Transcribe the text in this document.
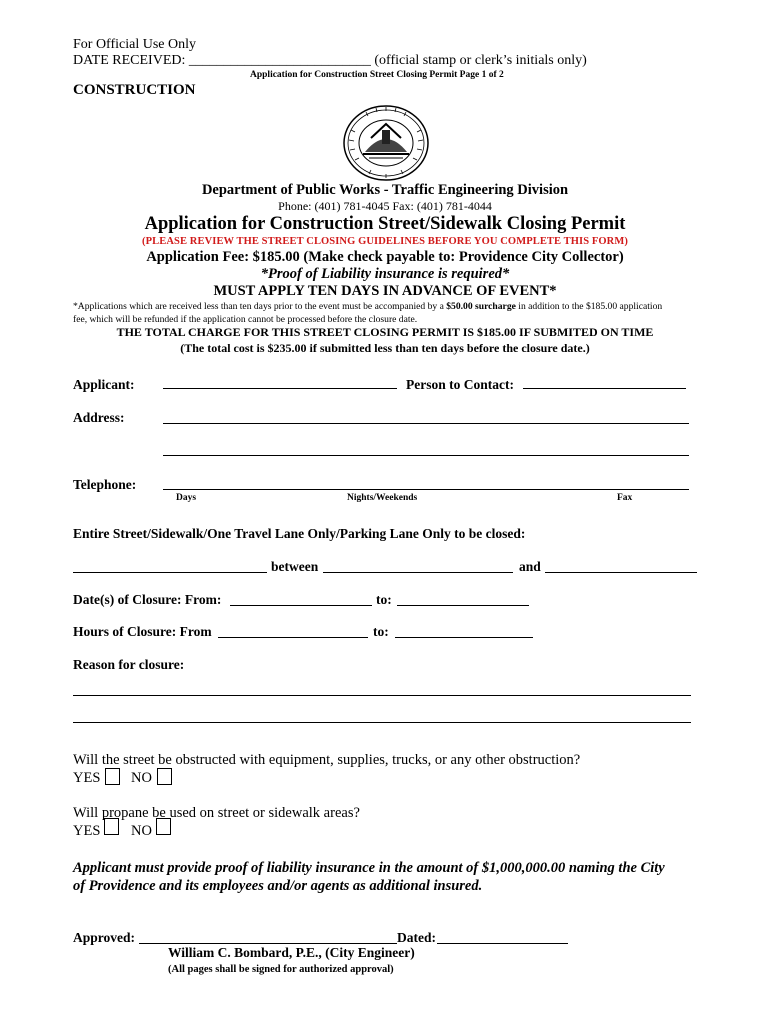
For Official Use Only
DATE RECEIVED: __________________________ (official stamp or clerk’s initials only)
Application for Construction Street Closing Permit Page 1 of 2
CONSTRUCTION
Department of Public Works - Traffic Engineering Division
Phone: (401) 781-4045 Fax: (401) 781-4044
Application for Construction Street/Sidewalk Closing Permit
(PLEASE REVIEW THE STREET CLOSING GUIDELINES BEFORE YOU COMPLETE THIS FORM)
Application Fee: $185.00 (Make check payable to: Providence City Collector)
*Proof of Liability insurance is required*
MUST APPLY TEN DAYS IN ADVANCE OF EVENT*
*Applications which are received less than ten days prior to the event must be accompanied by a $50.00 surcharge in addition to the $185.00 application
fee, which will be refunded if the application cannot be processed before the closure date.
THE TOTAL CHARGE FOR THIS STREET CLOSING PERMIT IS $185.00 IF SUBMITED ON TIME
(The total cost is $235.00 if submitted less than ten days before the closure date.)
Applicant:	Person to Contact:
Address:
Telephone:
Days	Nights/Weekends	Fax
Entire Street/Sidewalk/One Travel Lane Only/Parking Lane Only to be closed:
between	and
Date(s) of Closure: From:	to:
Hours of Closure: From	to:
Reason for closure:
Will the street be obstructed with equipment, supplies, trucks, or any other obstruction?
YES NO
Will propane be used on street or sidewalk areas?
YES NO
Applicant must provide proof of liability insurance in the amount of $1,000,000.00 naming the City
of Providence and its employees and/or agents as additional insured.
Approved:	Dated:
William C. Bombard, P.E., (City Engineer)
(All pages shall be signed for authorized approval)
